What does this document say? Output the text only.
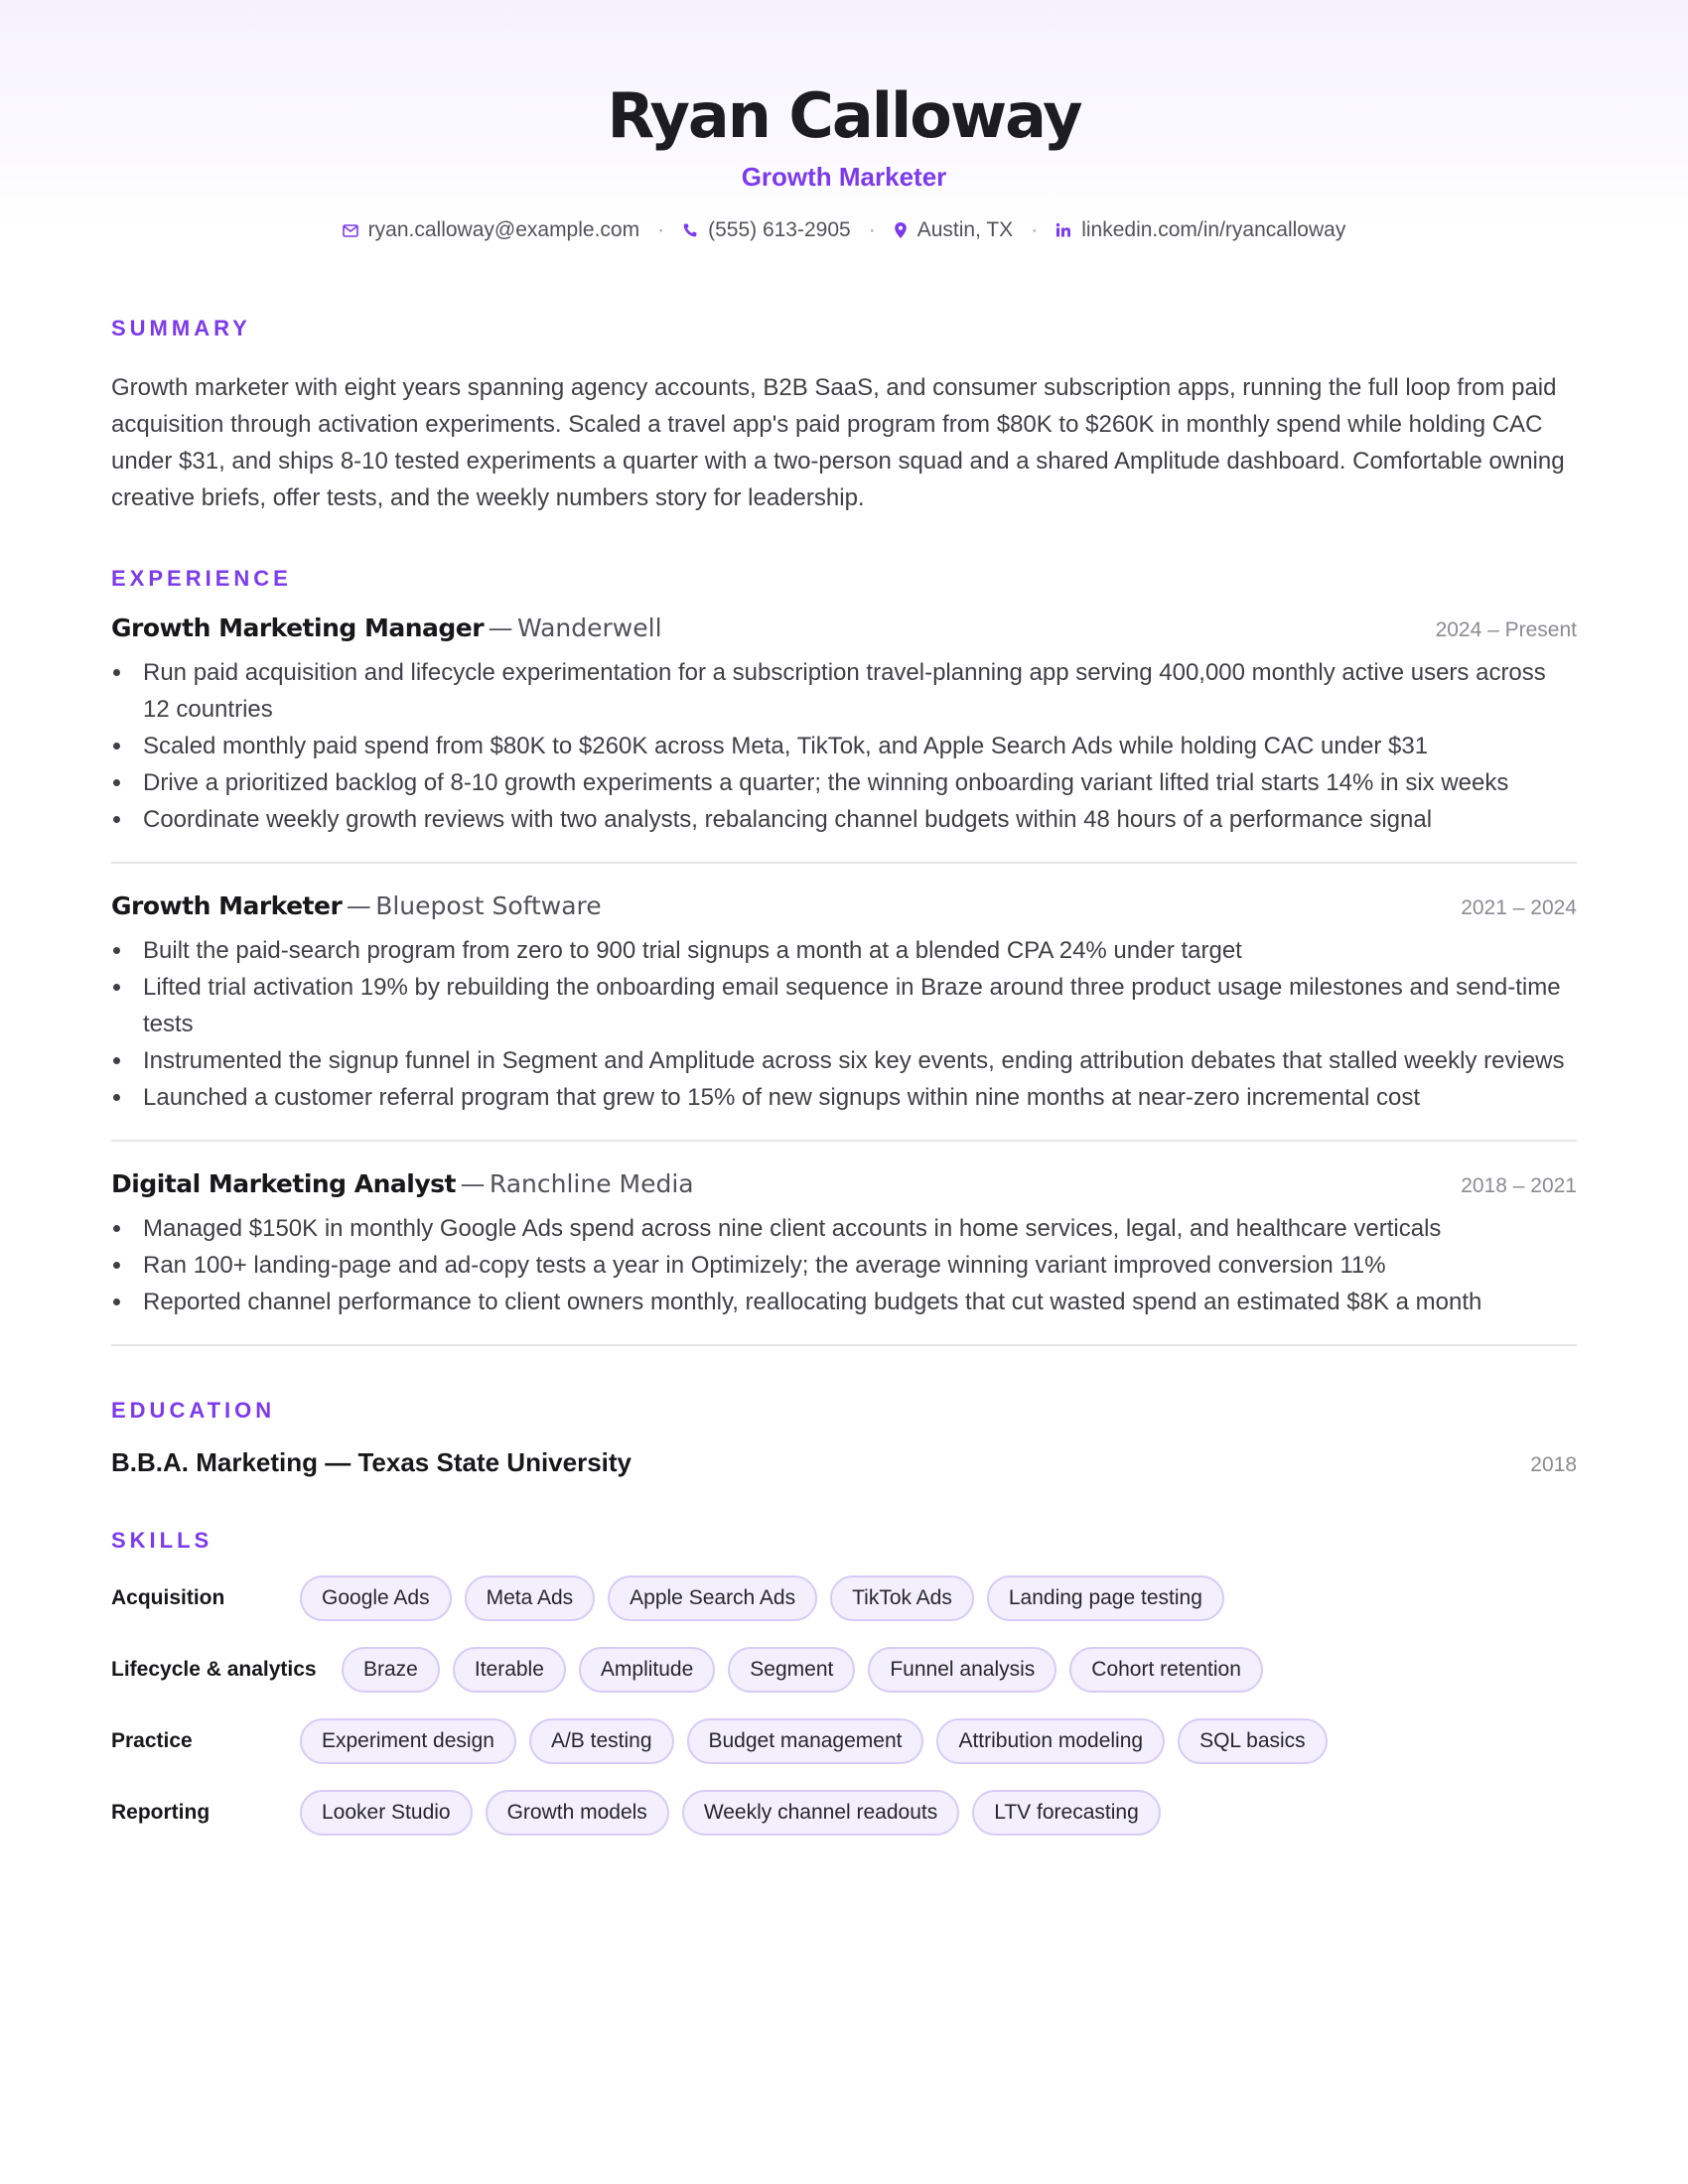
Ryan Calloway
Growth Marketer
ryan.calloway@example.com · (555) 613-2905 · Austin, TX · linkedin.com/in/ryancalloway
SUMMARY

Growth marketer with eight years spanning agency accounts, B2B SaaS, and consumer subscription apps, running the full loop from paid acquisition through activation experiments. Scaled a travel app's paid program from $80K to $260K in monthly spend while holding CAC under $31, and ships 8-10 tested experiments a quarter with a two-person squad and a shared Amplitude dashboard. Comfortable owning creative briefs, offer tests, and the weekly numbers story for leadership.

EXPERIENCE
Growth Marketing Manager — Wanderwell	2024 – Present
Run paid acquisition and lifecycle experimentation for a subscription travel-planning app serving 400,000 monthly active users across 12 countries
Scaled monthly paid spend from $80K to $260K across Meta, TikTok, and Apple Search Ads while holding CAC under $31
Drive a prioritized backlog of 8-10 growth experiments a quarter; the winning onboarding variant lifted trial starts 14% in six weeks
Coordinate weekly growth reviews with two analysts, rebalancing channel budgets within 48 hours of a performance signal
Growth Marketer — Bluepost Software	2021 – 2024
Built the paid-search program from zero to 900 trial signups a month at a blended CPA 24% under target
Lifted trial activation 19% by rebuilding the onboarding email sequence in Braze around three product usage milestones and send-time tests
Instrumented the signup funnel in Segment and Amplitude across six key events, ending attribution debates that stalled weekly reviews
Launched a customer referral program that grew to 15% of new signups within nine months at near-zero incremental cost
Digital Marketing Analyst — Ranchline Media	2018 – 2021
Managed $150K in monthly Google Ads spend across nine client accounts in home services, legal, and healthcare verticals
Ran 100+ landing-page and ad-copy tests a year in Optimizely; the average winning variant improved conversion 11%
Reported channel performance to client owners monthly, reallocating budgets that cut wasted spend an estimated $8K a month
EDUCATION
B.B.A. Marketing — Texas State University	2018
SKILLS
Acquisition	Google Ads	Meta Ads	Apple Search Ads	TikTok Ads	Landing page testing
Lifecycle & analytics	Braze	Iterable	Amplitude	Segment	Funnel analysis	Cohort retention
Practice	Experiment design	A/B testing	Budget management	Attribution modeling	SQL basics
Reporting	Looker Studio	Growth models	Weekly channel readouts	LTV forecasting
